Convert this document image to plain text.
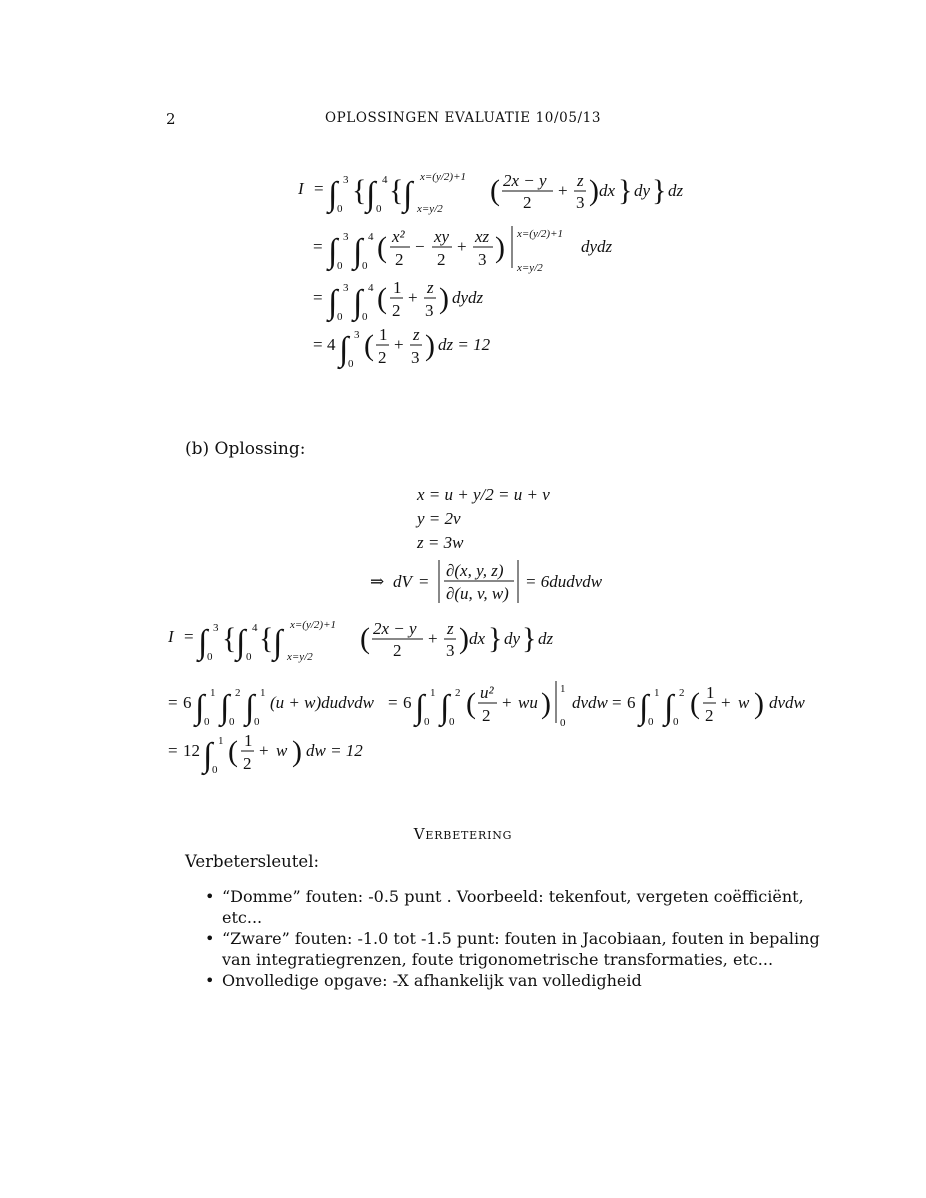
2	OPLOSSINGEN EVALUATIE 10/05/13
I = ∫ 3
0
{ ∫ 4
0
{ ∫ x=(y/2)+1
x=y/2
( 2x − y
2
+
z
3 ) dx } dy } dz
= ∫ 3
0 ∫ 4
0
( x²
2
−
xy
2
+
xz
3 ) x=(y/2)+1
x=y/2
dydz
= ∫ 3
0 ∫ 4
0
( 1
2
+
z
3 ) dydz
= 4 ∫ 3
0
( 1
2
+
z
3 ) dz = 12
(b) Oplossing:
x = u + y/2 = u + v
y = 2v
z = 3w
⇒ dV =
∂(x, y, z)
∂(u, v, w)
= 6dudvdw
I = ∫ 3
0
{ ∫ 4
0
{ ∫ x=(y/2)+1
x=y/2
( 2x − y
2
+
z
3 ) dx } dy } dz
= 6 ∫ 1
0 ∫ 2
0 ∫ 1
0
(u + w)dudvdw = 6 ∫ 1
0 ∫ 2
0
( u²
2
+ wu ) 1
0
dvdw = 6 ∫ 1
0 ∫ 2
0
( 1
2
+ w ) dvdw
= 12 ∫ 1
0
( 1
2
+ w ) dw = 12
Verbetering
Verbetersleutel:
• “Domme” fouten: -0.5 punt . Voorbeeld: tekenfout, vergeten coëfficiënt, etc...
• “Zware” fouten: -1.0 tot -1.5 punt: fouten in Jacobiaan, fouten in bepaling van integratiegrenzen, foute trigonometrische transformaties, etc...
• Onvolledige opgave: -X afhankelijk van volledigheid
